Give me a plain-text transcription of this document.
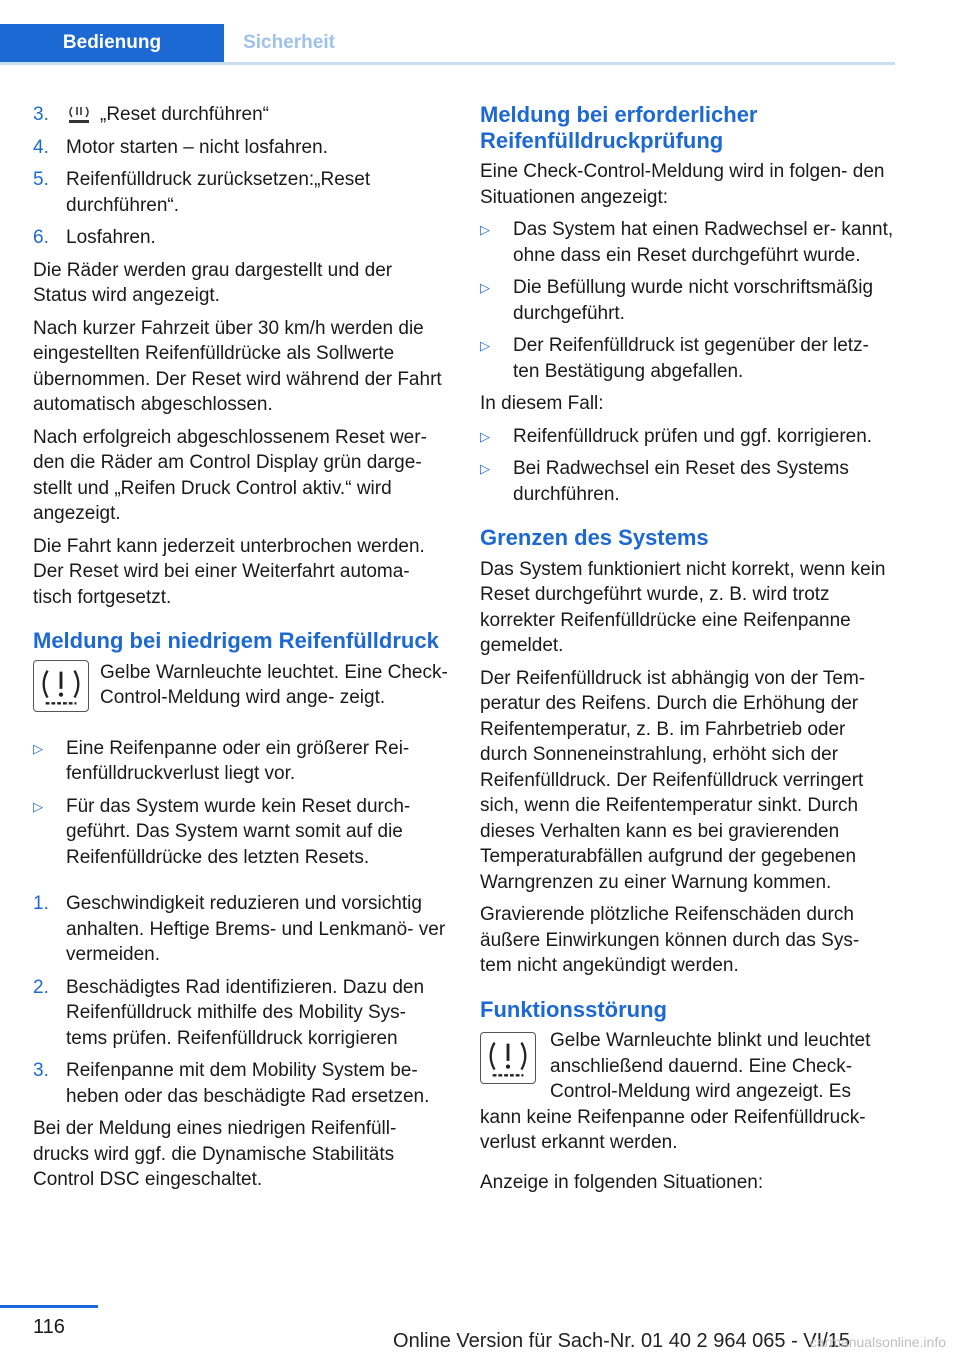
Bedienung	Sicherheit
3.	„Reset durchführen“
4. Motor starten – nicht losfahren.
5. Reifenfülldruck zurücksetzen:„Reset durchführen“.
6. Losfahren.

Die Räder werden grau dargestellt und der Status wird angezeigt.

Nach kurzer Fahrzeit über 30 km/h werden die eingestellten Reifenfülldrücke als Sollwerte übernommen. Der Reset wird während der Fahrt automatisch abgeschlossen.

Nach erfolgreich abgeschlossenem Reset wer‐ den die Räder am Control Display grün darge‐ stellt und „Reifen Druck Control aktiv.“ wird angezeigt.

Die Fahrt kann jederzeit unterbrochen werden. Der Reset wird bei einer Weiterfahrt automa‐ tisch fortgesetzt.

Meldung bei niedrigem Reifenfülldruck

Gelbe Warnleuchte leuchtet. Eine Check-Control-Meldung wird ange‐ zeigt.

▷ Eine Reifenpanne oder ein größerer Rei‐ fenfülldruckverlust liegt vor.
▷ Für das System wurde kein Reset durch‐ geführt. Das System warnt somit auf die Reifenfülldrücke des letzten Resets.
1. Geschwindigkeit reduzieren und vorsichtig anhalten. Heftige Brems- und Lenkmanö‐ ver vermeiden.
2. Beschädigtes Rad identifizieren. Dazu den Reifenfülldruck mithilfe des Mobility Sys‐ tems prüfen. Reifenfülldruck korrigieren
3. Reifenpanne mit dem Mobility System be‐ heben oder das beschädigte Rad ersetzen.

Bei der Meldung eines niedrigen Reifenfüll‐ drucks wird ggf. die Dynamische Stabilitäts Control DSC eingeschaltet.

Meldung bei erforderlicher Reifenfülldruckprüfung

Eine Check-Control-Meldung wird in folgen‐ den Situationen angezeigt:

▷ Das System hat einen Radwechsel er‐ kannt, ohne dass ein Reset durchgeführt wurde.
▷ Die Befüllung wurde nicht vorschriftsmäßig durchgeführt.
▷ Der Reifenfülldruck ist gegenüber der letz‐ ten Bestätigung abgefallen.

In diesem Fall:

▷ Reifenfülldruck prüfen und ggf. korrigieren.
▷ Bei Radwechsel ein Reset des Systems durchführen.
Grenzen des Systems

Das System funktioniert nicht korrekt, wenn kein Reset durchgeführt wurde, z. B. wird trotz korrekter Reifenfülldrücke eine Reifenpanne gemeldet.

Der Reifenfülldruck ist abhängig von der Tem‐ peratur des Reifens. Durch die Erhöhung der Reifentemperatur, z. B. im Fahrbetrieb oder durch Sonneneinstrahlung, erhöht sich der Reifenfülldruck. Der Reifenfülldruck verringert sich, wenn die Reifentemperatur sinkt. Durch dieses Verhalten kann es bei gravierenden Temperaturabfällen aufgrund der gegebenen Warngrenzen zu einer Warnung kommen.

Gravierende plötzliche Reifenschäden durch äußere Einwirkungen können durch das Sys‐ tem nicht angekündigt werden.

Funktionsstörung

Gelbe Warnleuchte blinkt und leuchtet anschließend dauernd. Eine Check-Control-Meldung wird angezeigt. Es kann keine Reifenpanne oder Reifenfülldruck‐ verlust erkannt werden.

Anzeige in folgenden Situationen:

116
Online Version für Sach-Nr. 01 40 2 964 065 - VI/15
carmanualsonline.info
